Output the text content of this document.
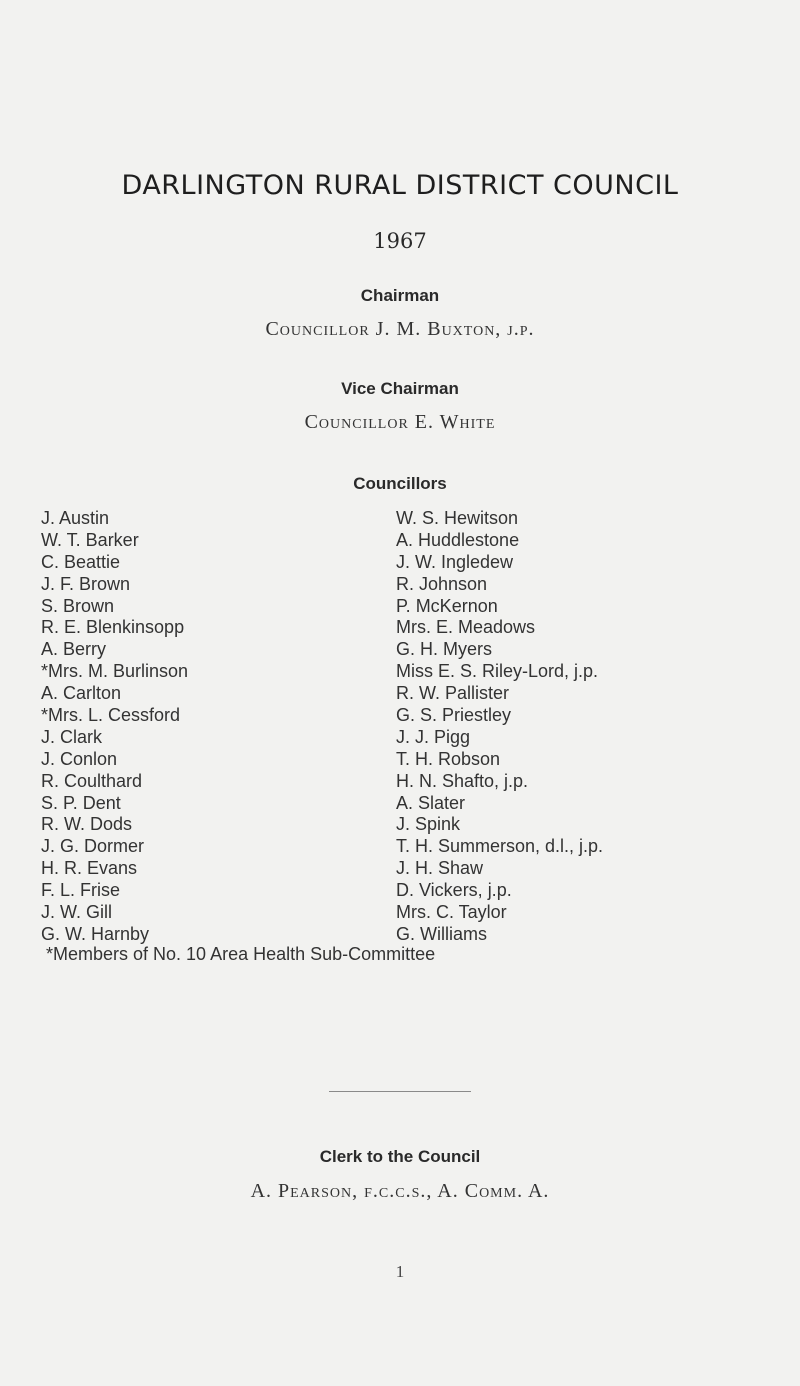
DARLINGTON RURAL DISTRICT COUNCIL
1967
Chairman
Councillor J. M. Buxton, j.p.
Vice Chairman
Councillor E. White
Councillors
J. Austin
W. T. Barker
C. Beattie
J. F. Brown
S. Brown
R. E. Blenkinsopp
A. Berry
*Mrs. M. Burlinson
A. Carlton
*Mrs. L. Cessford
J. Clark
J. Conlon
R. Coulthard
S. P. Dent
R. W. Dods
J. G. Dormer
H. R. Evans
F. L. Frise
J. W. Gill
G. W. Harnby
W. S. Hewitson
A. Huddlestone
J. W. Ingledew
R. Johnson
P. McKernon
Mrs. E. Meadows
G. H. Myers
Miss E. S. Riley-Lord, j.p.
R. W. Pallister
G. S. Priestley
J. J. Pigg
T. H. Robson
H. N. Shafto, j.p.
A. Slater
J. Spink
T. H. Summerson, d.l., j.p.
J. H. Shaw
D. Vickers, j.p.
Mrs. C. Taylor
G. Williams
*Members of No. 10 Area Health Sub-Committee
Clerk to the Council
A. Pearson, f.c.c.s., A. Comm. A.
1
